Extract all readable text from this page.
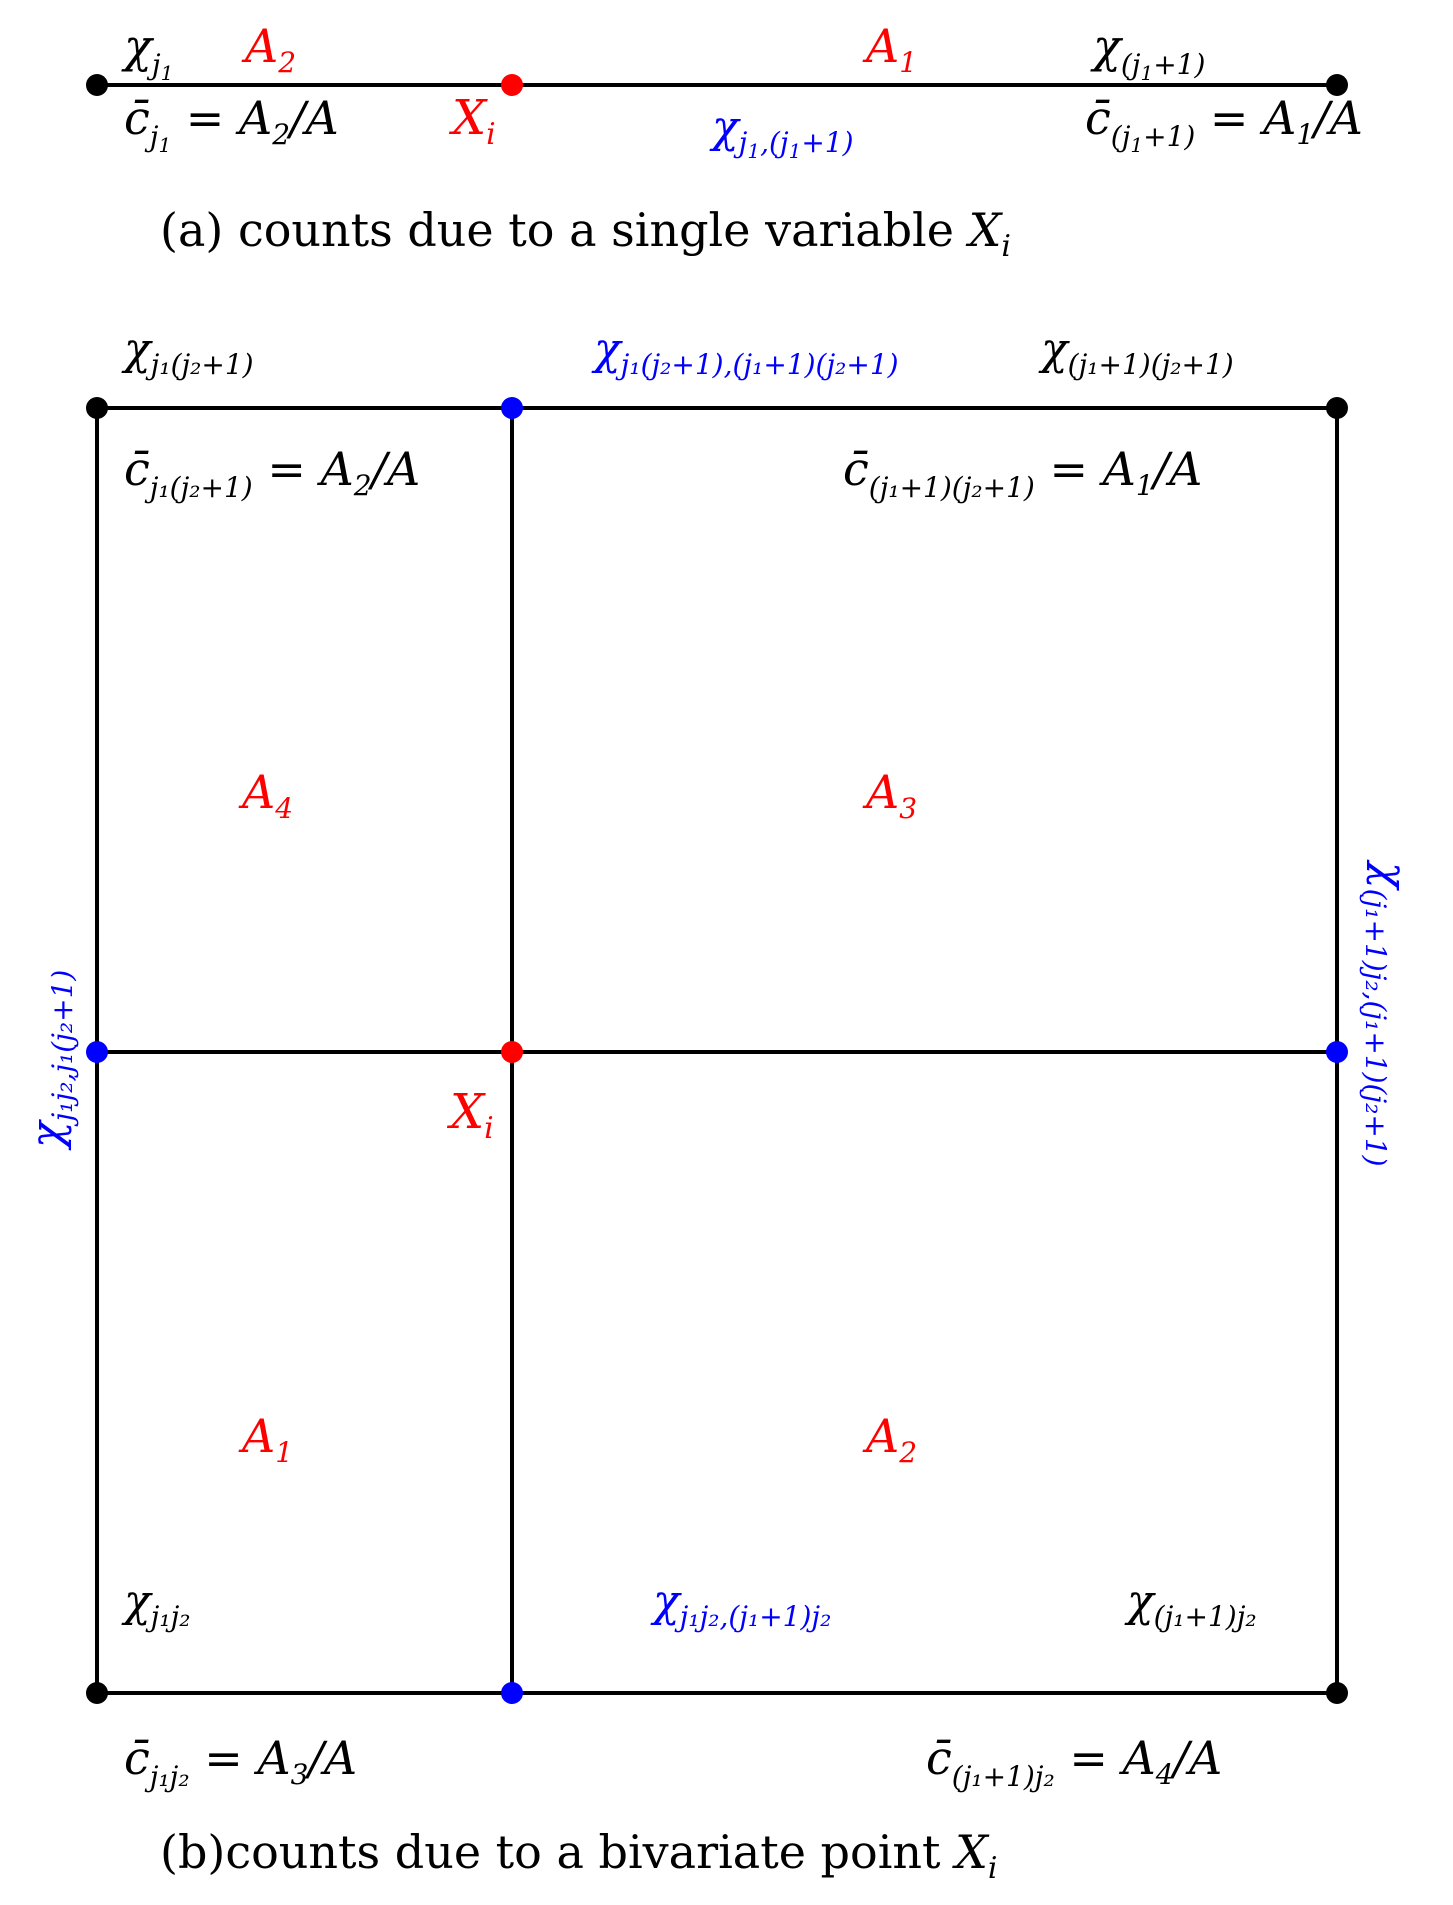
$\chi_j1$	$\chi_{(j}1+1$)
$A_2$	$A_1$
$X_i$	$\chi_j1,(j1+1)$
$c̄_j1 = A_2/A$	$c̄_{(j}1+1) = A_1/A$
(a) counts due to a single variable $X_i$
$\chi_{j_1(j_2+1)}$	$\chi_{(j_1+1)(j_2+1)}$
$\chi_{j_1j_2}$	$\chi_{(j_1+1)j_2}$
$\chi_{j_1(j_2+1),(j_1+1)(j_2+1)}$
$\chi_{j_1j_2,(j_1+1)j_2}$
$\chi_{j_1j_2,j_1(j_2+1)}$
$\chi_{(j_1+1)j_2,(j_1+1)(j_2+1)}$
$c̄_{j_1(j_2+1)} = A_2/A$	$c̄_{(j_1+1)(j_2+1)} = A_1/A$
$c̄_{j_1j_2} = A_3/A$	$c̄_{(j_1+1)j_2} = A_4/A$
$A_4$	$A_3$
$A_1$	$A_2$
$X_i$
(b)counts due to a bivariate point $X_i$
